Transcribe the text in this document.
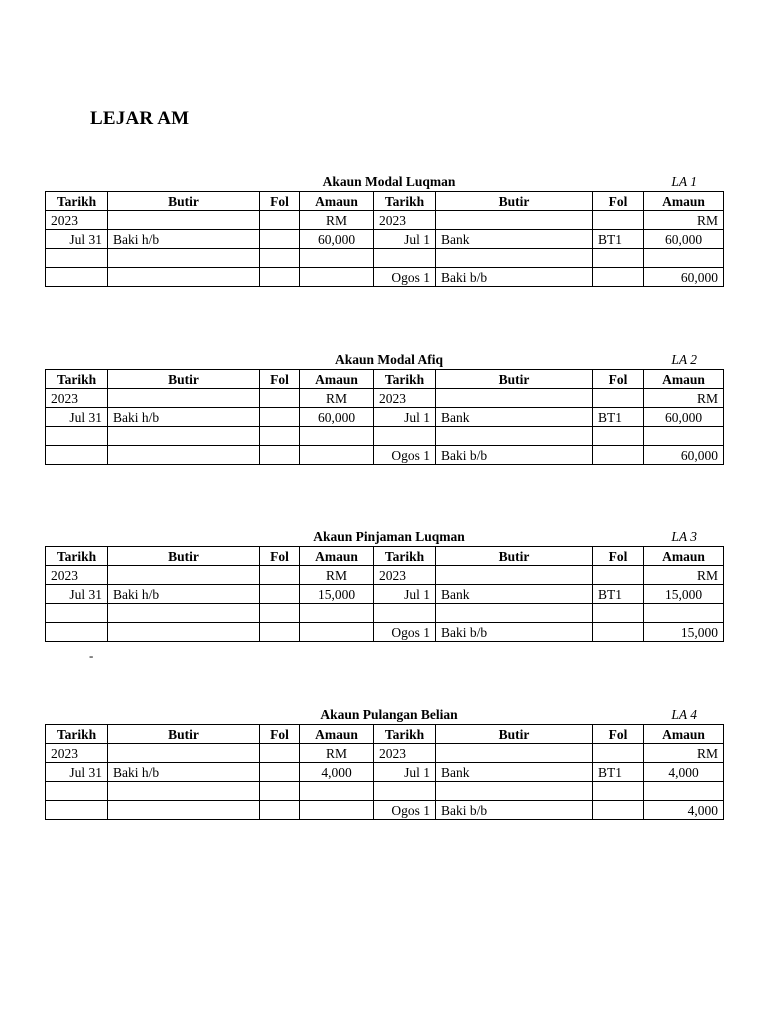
LEJAR AM
-
Akaun Modal Luqman	LA 1
Tarikh	Butir	Fol	Amaun	Tarikh	Butir	Fol	Amaun
2023			RM	2023			RM
Jul 31	Baki h/b		60,000	Jul 1	Bank	BT1	60,000

				Ogos 1	Baki b/b		60,000
Akaun Modal Afiq	LA 2
Tarikh	Butir	Fol	Amaun	Tarikh	Butir	Fol	Amaun
2023			RM	2023			RM
Jul 31	Baki h/b		60,000	Jul 1	Bank	BT1	60,000

				Ogos 1	Baki b/b		60,000
Akaun Pinjaman Luqman	LA 3
Tarikh	Butir	Fol	Amaun	Tarikh	Butir	Fol	Amaun
2023			RM	2023			RM
Jul 31	Baki h/b		15,000	Jul 1	Bank	BT1	15,000

				Ogos 1	Baki b/b		15,000
Akaun Pulangan Belian	LA 4
Tarikh	Butir	Fol	Amaun	Tarikh	Butir	Fol	Amaun
2023			RM	2023			RM
Jul 31	Baki h/b		4,000	Jul 1	Bank	BT1	4,000

				Ogos 1	Baki b/b		4,000
